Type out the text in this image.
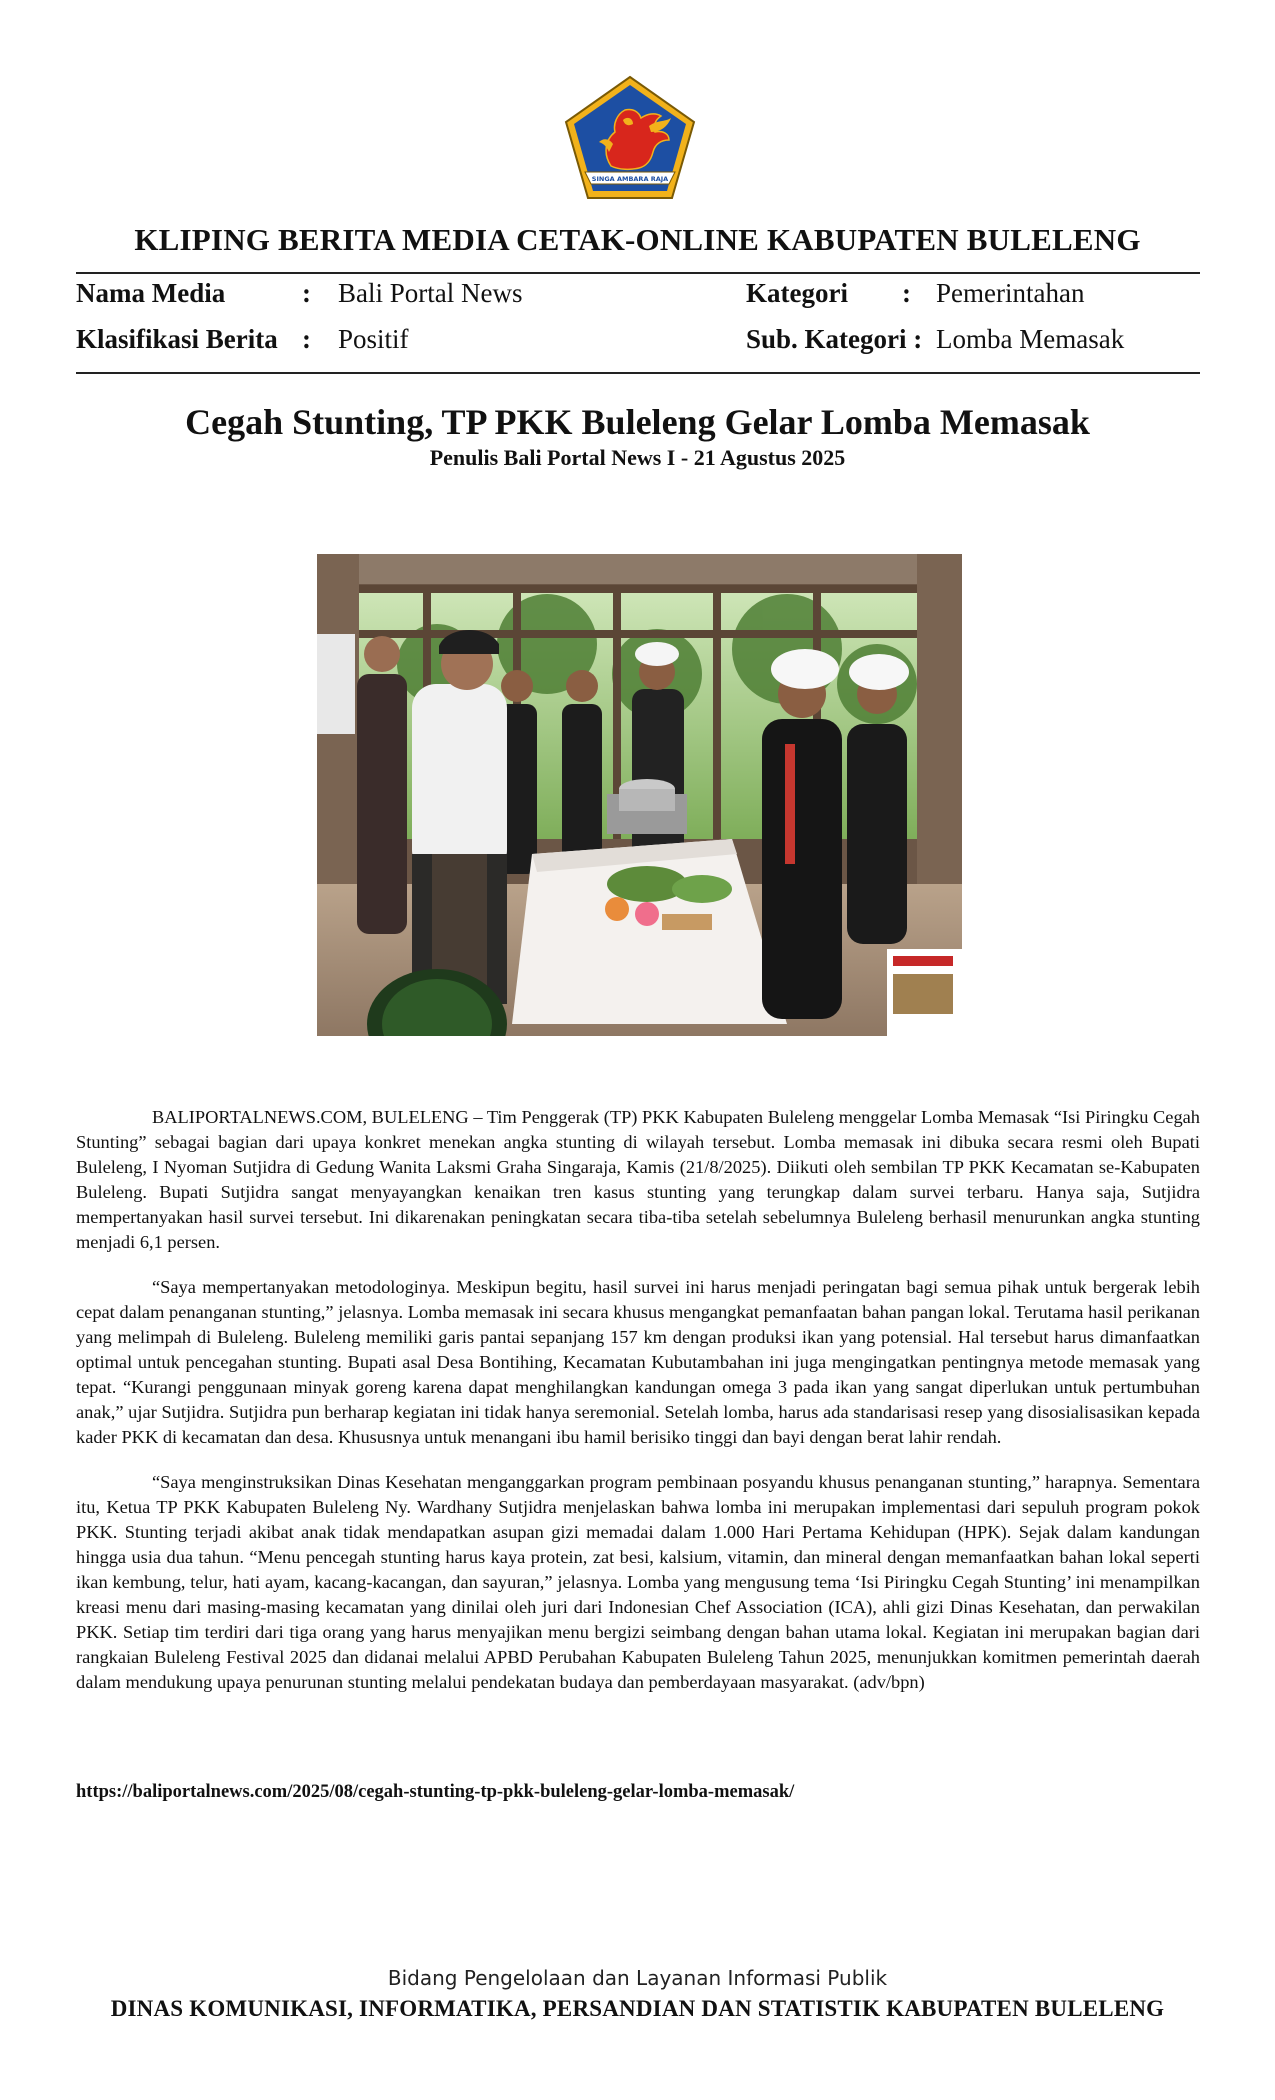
SINGA AMBARA RAJA
KLIPING BERITA MEDIA CETAK-ONLINE KABUPATEN BULELENG
Nama Media	: Bali Portal News	Kategori : Pemerintahan
Klasifikasi Berita : Positif	Sub. Kategori : Lomba Memasak
Cegah Stunting, TP PKK Buleleng Gelar Lomba Memasak
Penulis Bali Portal News I - 21 Agustus 2025

BALIPORTALNEWS.COM, BULELENG – Tim Penggerak (TP) PKK Kabupaten Buleleng menggelar Lomba Memasak “Isi Piringku Cegah Stunting” sebagai bagian dari upaya konkret menekan angka stunting di wilayah tersebut. Lomba memasak ini dibuka secara resmi oleh Bupati Buleleng, I Nyoman Sutjidra di Gedung Wanita Laksmi Graha Singaraja, Kamis (21/8/2025). Diikuti oleh sembilan TP PKK Kecamatan se-Kabupaten Buleleng. Bupati Sutjidra sangat menyayangkan kenaikan tren kasus stunting yang terungkap dalam survei terbaru. Hanya saja, Sutjidra mempertanyakan hasil survei tersebut. Ini dikarenakan peningkatan secara tiba-tiba setelah sebelumnya Buleleng berhasil menurunkan angka stunting menjadi 6,1 persen.

“Saya mempertanyakan metodologinya. Meskipun begitu, hasil survei ini harus menjadi peringatan bagi semua pihak untuk bergerak lebih cepat dalam penanganan stunting,” jelasnya. Lomba memasak ini secara khusus mengangkat pemanfaatan bahan pangan lokal. Terutama hasil perikanan yang melimpah di Buleleng. Buleleng memiliki garis pantai sepanjang 157 km dengan produksi ikan yang potensial. Hal tersebut harus dimanfaatkan optimal untuk pencegahan stunting. Bupati asal Desa Bontihing, Kecamatan Kubutambahan ini juga mengingatkan pentingnya metode memasak yang tepat. “Kurangi penggunaan minyak goreng karena dapat menghilangkan kandungan omega 3 pada ikan yang sangat diperlukan untuk pertumbuhan anak,” ujar Sutjidra. Sutjidra pun berharap kegiatan ini tidak hanya seremonial. Setelah lomba, harus ada standarisasi resep yang disosialisasikan kepada kader PKK di kecamatan dan desa. Khususnya untuk menangani ibu hamil berisiko tinggi dan bayi dengan berat lahir rendah.

“Saya menginstruksikan Dinas Kesehatan menganggarkan program pembinaan posyandu khusus penanganan stunting,” harapnya. Sementara itu, Ketua TP PKK Kabupaten Buleleng Ny. Wardhany Sutjidra menjelaskan bahwa lomba ini merupakan implementasi dari sepuluh program pokok PKK. Stunting terjadi akibat anak tidak mendapatkan asupan gizi memadai dalam 1.000 Hari Pertama Kehidupan (HPK). Sejak dalam kandungan hingga usia dua tahun. “Menu pencegah stunting harus kaya protein, zat besi, kalsium, vitamin, dan mineral dengan memanfaatkan bahan lokal seperti ikan kembung, telur, hati ayam, kacang-kacangan, dan sayuran,” jelasnya. Lomba yang mengusung tema ‘Isi Piringku Cegah Stunting’ ini menampilkan kreasi menu dari masing-masing kecamatan yang dinilai oleh juri dari Indonesian Chef Association (ICA), ahli gizi Dinas Kesehatan, dan perwakilan PKK. Setiap tim terdiri dari tiga orang yang harus menyajikan menu bergizi seimbang dengan bahan utama lokal. Kegiatan ini merupakan bagian dari rangkaian Buleleng Festival 2025 dan didanai melalui APBD Perubahan Kabupaten Buleleng Tahun 2025, menunjukkan komitmen pemerintah daerah dalam mendukung upaya penurunan stunting melalui pendekatan budaya dan pemberdayaan masyarakat. (adv/bpn)

https://baliportalnews.com/2025/08/cegah-stunting-tp-pkk-buleleng-gelar-lomba-memasak/
Bidang Pengelolaan dan Layanan Informasi Publik
DINAS KOMUNIKASI, INFORMATIKA, PERSANDIAN DAN STATISTIK KABUPATEN BULELENG
